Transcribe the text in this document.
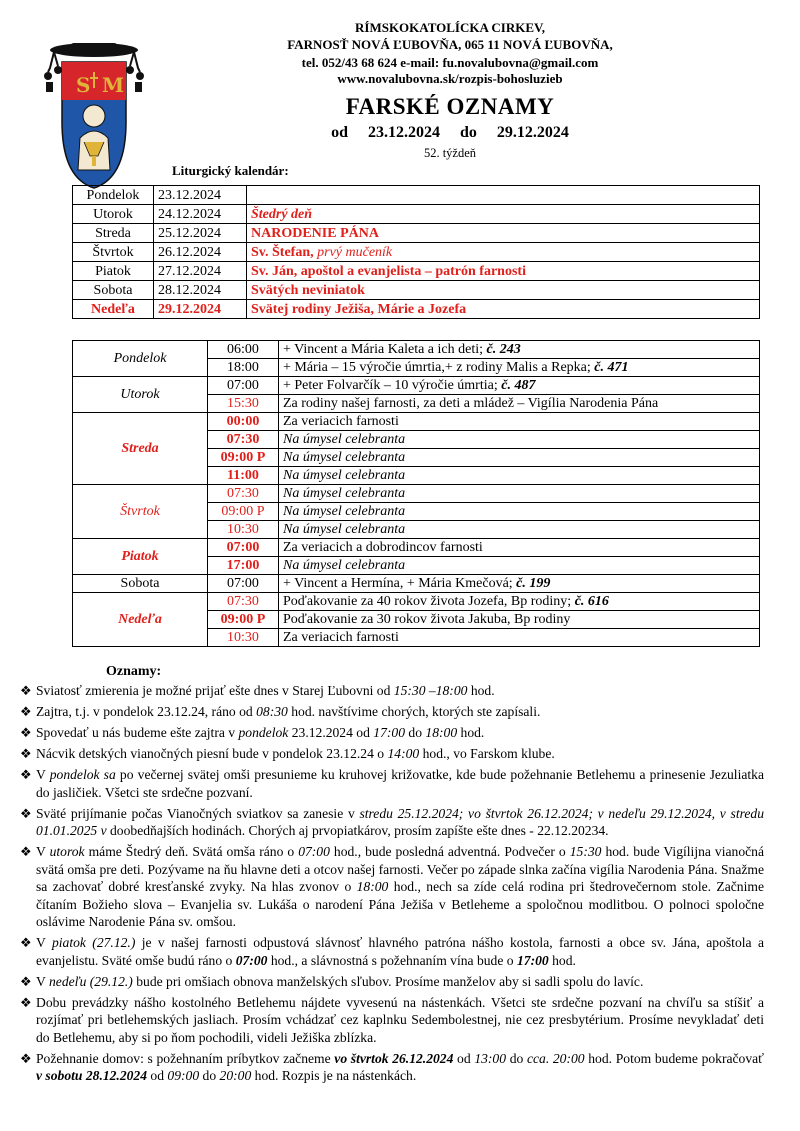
S M
RÍMSKOKATOLÍCKA CIRKEV,
FARNOSŤ NOVÁ ĽUBOVŇA, 065 11 NOVÁ ĽUBOVŇA,
tel. 052/43 68 624 e-mail: fu.novalubovna@gmail.com
www.novalubovna.sk/rozpis-bohosluzieb
FARSKÉ OZNAMY
od 23.12.2024 do 29.12.2024
52. týždeň
Liturgický kalendár:
Pondelok	23.12.2024	
Utorok	24.12.2024	Štedrý deň
Streda	25.12.2024	NARODENIE PÁNA
Štvrtok	26.12.2024	Sv. Štefan, prvý mučeník
Piatok	27.12.2024	Sv. Ján, apoštol a evanjelista – patrón farnosti
Sobota	28.12.2024	Svätých neviniatok
Nedeľa	29.12.2024	Svätej rodiny Ježiša, Márie a Jozefa
Pondelok	06:00	+ Vincent a Mária Kaleta a ich deti; č. 243
	18:00	+ Mária – 15 výročie úmrtia,+ z rodiny Malis a Repka; č. 471
Utorok	07:00	+ Peter Folvarčík – 10 výročie úmrtia; č. 487
	15:30	Za rodiny našej farnosti, za deti a mládež – Vigília Narodenia Pána
Streda	00:00	Za veriacich farnosti
	07:30	Na úmysel celebranta
	09:00 P	Na úmysel celebranta
	11:00	Na úmysel celebranta
Štvrtok	07:30	Na úmysel celebranta
	09:00 P	Na úmysel celebranta
	10:30	Na úmysel celebranta
Piatok	07:00	Za veriacich a dobrodincov farnosti
	17:00	Na úmysel celebranta
Sobota	07:00	+ Vincent a Hermína, + Mária Kmečová; č. 199
Nedeľa	07:30	Poďakovanie za 40 rokov života Jozefa, Bp rodiny; č. 616
	09:00 P	Poďakovanie za 30 rokov života Jakuba, Bp rodiny
	10:30	Za veriacich farnosti
Oznamy:
❖ Sviatosť zmierenia je možné prijať ešte dnes v Starej Ľubovni od 15:30 –18:00 hod.
❖ Zajtra, t.j. v pondelok 23.12.24, ráno od 08:30 hod. navštívime chorých, ktorých ste zapísali.
❖ Spovedať u nás budeme ešte zajtra v pondelok 23.12.2024 od 17:00 do 18:00 hod.
❖ Nácvik detských vianočných piesní bude v pondelok 23.12.24 o 14:00 hod., vo Farskom klube.
❖ V pondelok sa po večernej svätej omši presunieme ku kruhovej križovatke, kde bude požehnanie Betlehemu a prinesenie Jezuliatka do jasličiek. Všetci ste srdečne pozvaní.
❖ Sväté prijímanie počas Vianočných sviatkov sa zanesie v stredu 25.12.2024; vo štvrtok 26.12.2024; v nedeľu 29.12.2024, v stredu 01.01.2025 v doobedňajších hodinách. Chorých aj prvopiatkárov, prosím zapíšte ešte dnes - 22.12.20234.
❖ V utorok máme Štedrý deň. Svätá omša ráno o 07:00 hod., bude posledná adventná. Podvečer o 15:30 hod. bude Vigílijna vianočná svätá omša pre deti. Pozývame na ňu hlavne deti a otcov našej farnosti. Večer po západe slnka začína vigília Narodenia Pána. Snažme sa zachovať dobré kresťanské zvyky. Na hlas zvonov o 18:00 hod., nech sa zíde celá rodina pri štedrovečernom stole. Začnime čítaním Božieho slova – Evanjelia sv. Lukáša o narodení Pána Ježiša v Betleheme a spoločnou modlitbou. O polnoci spoločne oslávime Narodenie Pána sv. omšou.
❖ V piatok (27.12.) je v našej farnosti odpustová slávnosť hlavného patróna nášho kostola, farnosti a obce sv. Jána, apoštola a evanjelistu. Sväté omše budú ráno o 07:00 hod., a slávnostná s požehnaním vína bude o 17:00 hod.
❖ V nedeľu (29.12.) bude pri omšiach obnova manželských sľubov. Prosíme manželov aby si sadli spolu do lavíc.
❖ Dobu prevádzky nášho kostolného Betlehemu nájdete vyvesenú na nástenkách. Všetci ste srdečne pozvaní na chvíľu sa stíšiť a rozjímať pri betlehemských jasliach. Prosím vchádzať cez kaplnku Sedembolestnej, nie cez presbytérium. Prosíme nevykladať deti do Betlehemu, aby si po ňom pochodili, videli Ježiška zblízka.
❖ Požehnanie domov: s požehnaním príbytkov začneme vo štvrtok 26.12.2024 od 13:00 do cca. 20:00 hod. Potom budeme pokračovať v sobotu 28.12.2024 od 09:00 do 20:00 hod. Rozpis je na nástenkách.
